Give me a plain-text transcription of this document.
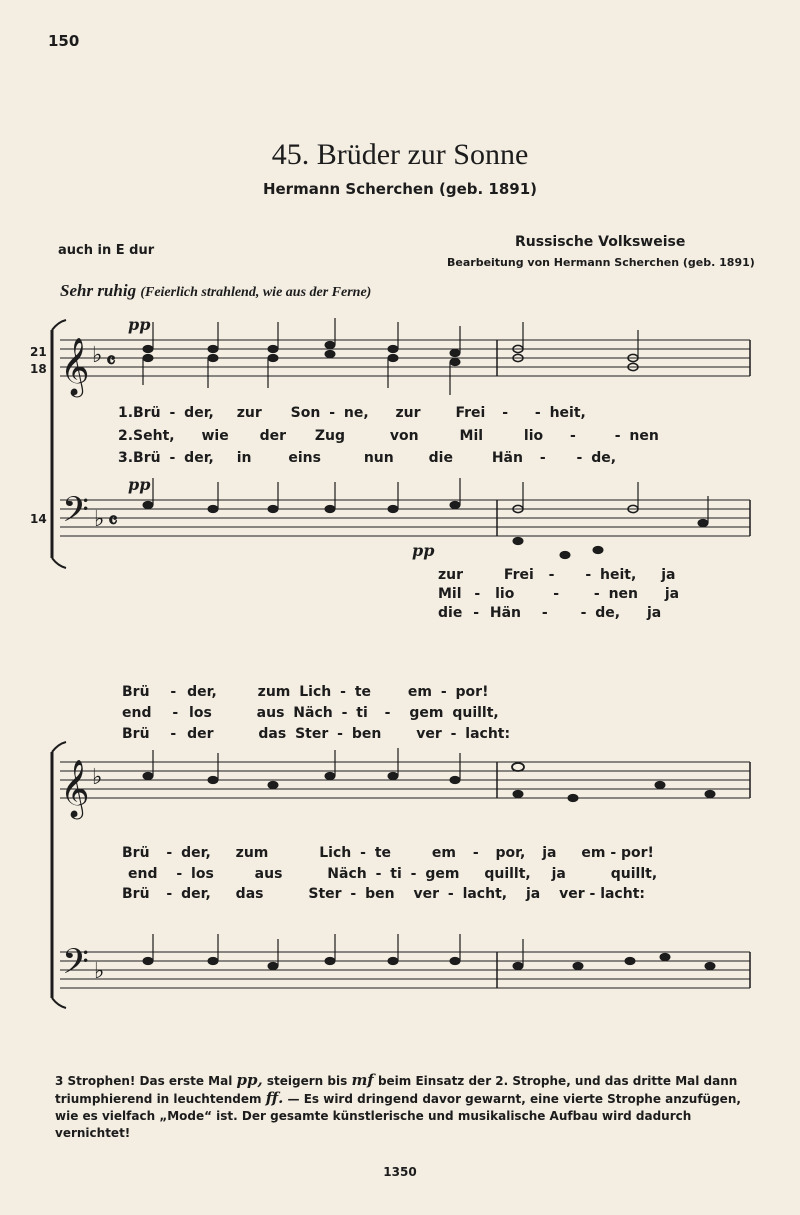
150
45. Brüder zur Sonne
Hermann Scherchen (geb. 1891)
auch in E dur
Russische Volksweise
Bearbeitung von Hermann Scherchen (geb. 1891)
Sehr ruhig (Feierlich strahlend, wie aus der Ferne)
21
18
14
𝄞 ♭ 𝄴
𝄢 ♭ 𝄴
𝄞 ♭
𝄢 ♭
pp
pp
pp
1.Brü - der, zur Son - ne, zur Frei - - heit,
2.Seht, wie der Zug	von	Mil	lio -	- nen
3.Brü - der, in	eins	nun die	Hän - - de,
zur	Frei - - heit, ja
Mil - lio	- - nen ja
die - Hän - - de, ja
Brü - der,	zum Lich - te	em - por!
end - los	aus Näch - ti - gem quillt,
Brü - der	das Ster - ben ver - lacht:
Brü - der, zum	Lich - te	em - por, ja em - por!
end - los	aus	Näch - ti - gem quillt, ja	quillt,
Brü - der, das	Ster - ben ver - lacht, ja ver - lacht:
3 Strophen! Das erste Mal pp, steigern bis mf beim Einsatz der 2. Strophe, und das dritte Mal dann triumphierend in leuchtendem ff. — Es wird dringend davor gewarnt, eine vierte Strophe anzufügen, wie es vielfach „Mode“ ist. Der gesamte künstlerische und musikalische Aufbau wird dadurch vernichtet!
1350
